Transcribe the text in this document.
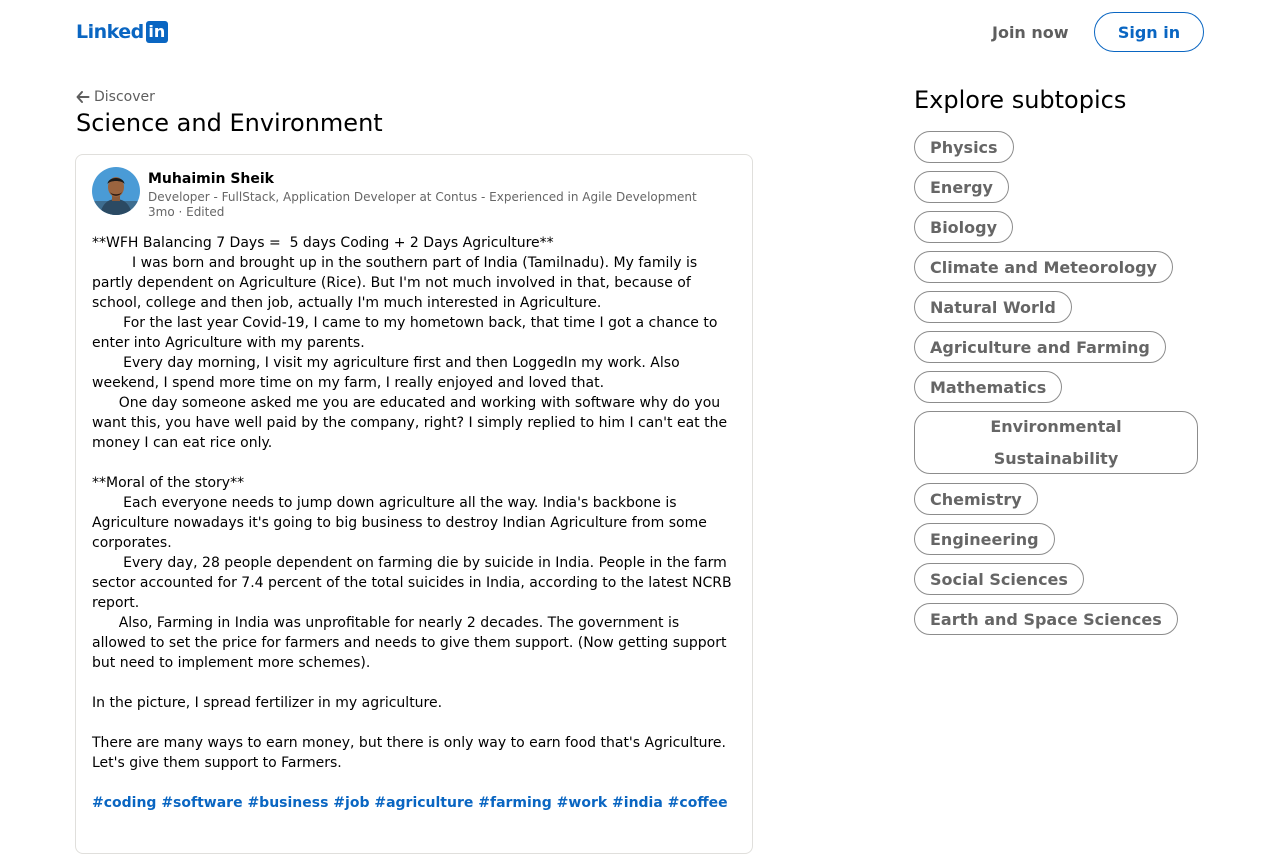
Linked in	Join now	Sign in
Discover
Science and Environment
Muhaimin Sheik
Developer - FullStack, Application Developer at Contus - Experienced in Agile Development
3mo · Edited
**WFH Balancing 7 Days =  5 days Coding + 2 Days Agriculture**
I was born and brought up in the southern part of India (Tamilnadu). My family is
partly dependent on Agriculture (Rice). But I'm not much involved in that, because of
school, college and then job, actually I'm much interested in Agriculture.
For the last year Covid-19, I came to my hometown back, that time I got a chance to
enter into Agriculture with my parents.
Every day morning, I visit my agriculture first and then LoggedIn my work. Also
weekend, I spend more time on my farm, I really enjoyed and loved that.
One day someone asked me you are educated and working with software why do you
want this, you have well paid by the company, right? I simply replied to him I can't eat the
money I can eat rice only.
**Moral of the story**
Each everyone needs to jump down agriculture all the way. India's backbone is
Agriculture nowadays it's going to big business to destroy Indian Agriculture from some
corporates.
Every day, 28 people dependent on farming die by suicide in India. People in the farm
sector accounted for 7.4 percent of the total suicides in India, according to the latest NCRB
report.
Also, Farming in India was unprofitable for nearly 2 decades. The government is
allowed to set the price for farmers and needs to give them support. (Now getting support
but need to implement more schemes).
In the picture, I spread fertilizer in my agriculture.
There are many ways to earn money, but there is only way to earn food that's Agriculture.
Let's give them support to Farmers.
#coding #software #business #job #agriculture #farming #work #india #coffee
Explore subtopics
Physics
Energy
Biology
Climate and Meteorology
Natural World
Agriculture and Farming
Mathematics
Environmental Sustainability
Chemistry
Engineering
Social Sciences
Earth and Space Sciences
